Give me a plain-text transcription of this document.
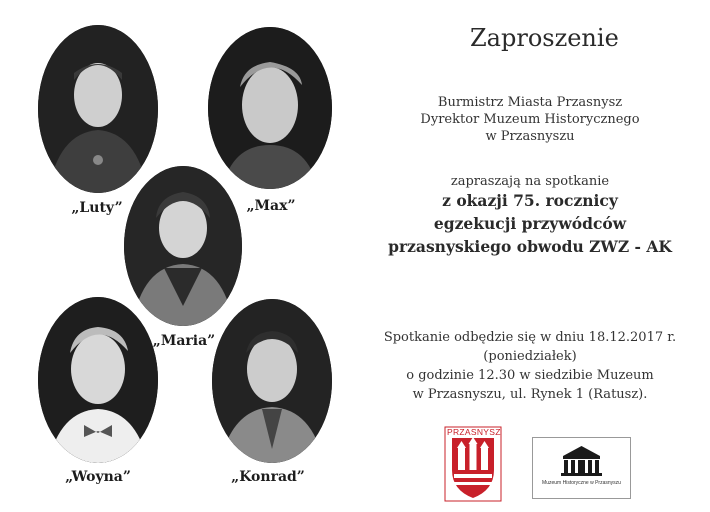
„Luty”	„Max”
„Maria”
„Woyna”	„Konrad”
Zaproszenie
Burmistrz Miasta Przasnysz
Dyrektor Muzeum Historycznego
w Przasnyszu
zapraszają na spotkanie
z okazji 75. rocznicy
egzekucji przywódców
przasnyskiego obwodu ZWZ - AK
Spotkanie odbędzie się w dniu 18.12.2017 r.
(poniedziałek)
o godzinie 12.30 w siedzibie Muzeum
w Przasnyszu, ul. Rynek 1 (Ratusz).
PRZASNYSZ
Muzeum Historyczne w Przasnyszu
